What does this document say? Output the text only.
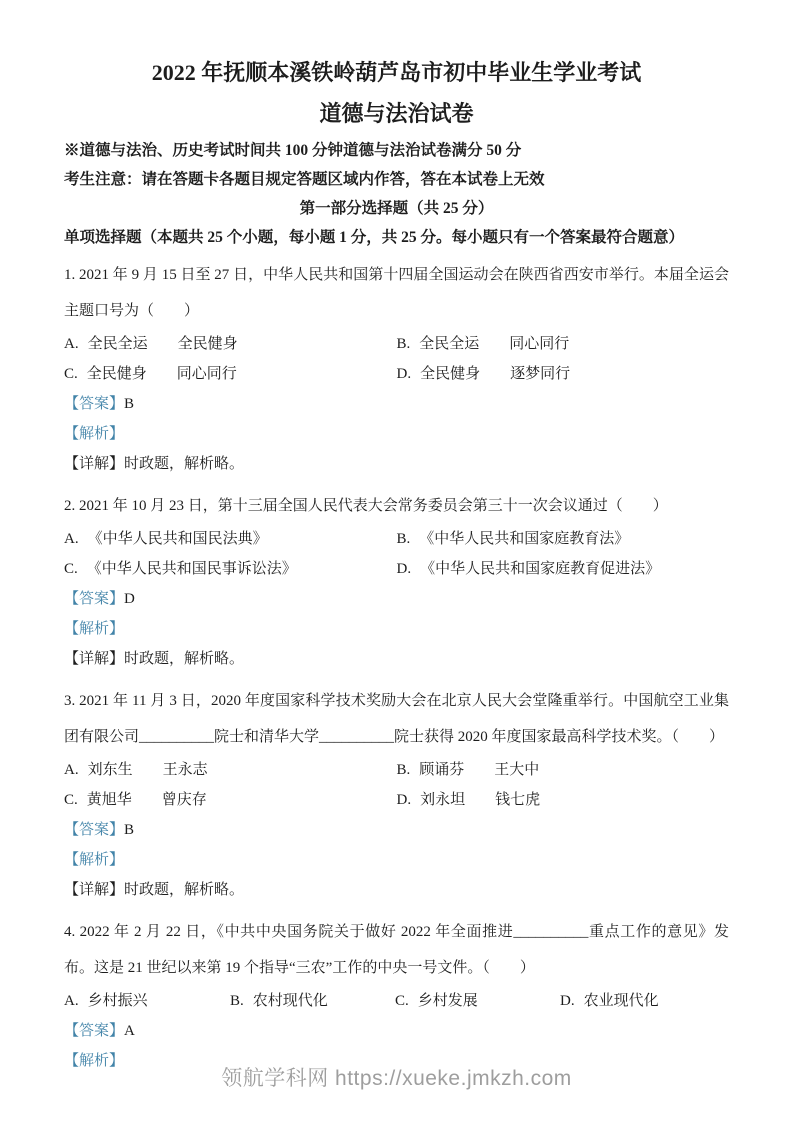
2022 年抚顺本溪铁岭葫芦岛市初中毕业生学业考试
道德与法治试卷

※道德与法治、历史考试时间共 100 分钟道德与法治试卷满分 50 分

考生注意：请在答题卡各题目规定答题区域内作答，答在本试卷上无效

第一部分选择题（共 25 分）

单项选择题（本题共 25 个小题，每小题 1 分，共 25 分。每小题只有一个答案最符合题意）

1. 2021 年 9 月 15 日至 27 日，中华人民共和国第十四届全国运动会在陕西省西安市举行。本届全运会主题口号为（　　）

A. 全民全运　　全民健身	B. 全民全运　　同心同行
C. 全民健身　　同心同行	D. 全民健身　　逐梦同行

【答案】B

【解析】

【详解】时政题，解析略。

2. 2021 年 10 月 23 日，第十三届全国人民代表大会常务委员会第三十一次会议通过（　　）

A. 《中华人民共和国民法典》	B. 《中华人民共和国家庭教育法》
C. 《中华人民共和国民事诉讼法》	D. 《中华人民共和国家庭教育促进法》

【答案】D

【解析】

【详解】时政题，解析略。

3. 2021 年 11 月 3 日，2020 年度国家科学技术奖励大会在北京人民大会堂隆重举行。中国航空工业集团有限公司__________院士和清华大学__________院士获得 2020 年度国家最高科学技术奖。（　　）

A. 刘东生　　王永志	B. 顾诵芬　　王大中
C. 黄旭华　　曾庆存	D. 刘永坦　　钱七虎

【答案】B

【解析】

【详解】时政题，解析略。

4. 2022 年 2 月 22 日，《中共中央国务院关于做好 2022 年全面推进__________重点工作的意见》发布。这是 21 世纪以来第 19 个指导“三农”工作的中央一号文件。（　　）

A. 乡村振兴	B. 农村现代化	C. 乡村发展	D. 农业现代化

【答案】A

【解析】

领航学科网 https://xueke.jmkzh.com
